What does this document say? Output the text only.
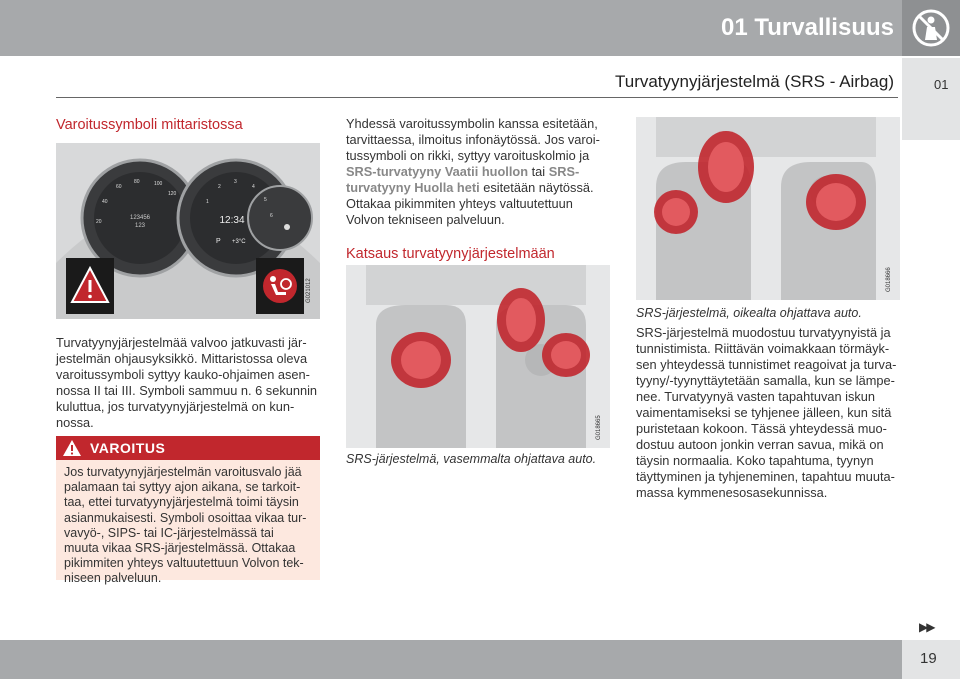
01 Turvallisuus
01
Turvatyynyjärjestelmä (SRS - Airbag)
Varoitussymboli mittaristossa
20
40
60
80	100
120
1
2
3
4
5
6
123456
123	12:34
P +3°C
G021012
Turvatyynyjärjestelmää valvoo jatkuvasti jär-
jestelmän ohjausyksikkö. Mittaristossa oleva
varoitussymboli syttyy kauko-ohjaimen asen-
nossa II tai III. Symboli sammuu n. 6 sekunnin
kuluttua, jos turvatyynyjärjestelmä on kun-
nossa.
VAROITUS
Jos turvatyynyjärjestelmän varoitusvalo jää
palamaan tai syttyy ajon aikana, se tarkoit-
taa, ettei turvatyynyjärjestelmä toimi täysin
asianmukaisesti. Symboli osoittaa vikaa tur-
vavyö-, SIPS- tai IC-järjestelmässä tai
muuta vikaa SRS-järjestelmässä. Ottakaa
pikimmiten yhteys valtuutettuun Volvon tek-
niseen palveluun.
Yhdessä varoitussymbolin kanssa esitetään,
tarvittaessa, ilmoitus infonäytössä. Jos varoi-
tussymboli on rikki, syttyy varoituskolmio ja
SRS-turvatyyny Vaatii huollon tai SRS-
turvatyyny Huolla heti esitetään näytössä.
Ottakaa pikimmiten yhteys valtuutettuun
Volvon tekniseen palveluun.
Katsaus turvatyynyjärjestelmään
G018665
SRS-järjestelmä, vasemmalta ohjattava auto.
G018666
SRS-järjestelmä, oikealta ohjattava auto.
SRS-järjestelmä muodostuu turvatyynyistä ja
tunnistimista. Riittävän voimakkaan törmäyk-
sen yhteydessä tunnistimet reagoivat ja turva-
tyyny/-tyynyttäytetään samalla, kun se lämpe-
nee. Turvatyynyä vasten tapahtuvan iskun
vaimentamiseksi se tyhjenee jälleen, kun sitä
puristetaan kokoon. Tässä yhteydessä muo-
dostuu autoon jonkin verran savua, mikä on
täysin normaalia. Koko tapahtuma, tyynyn
täyttyminen ja tyhjeneminen, tapahtuu muuta-
massa kymmenesosasekunnissa.
▶▶
19
